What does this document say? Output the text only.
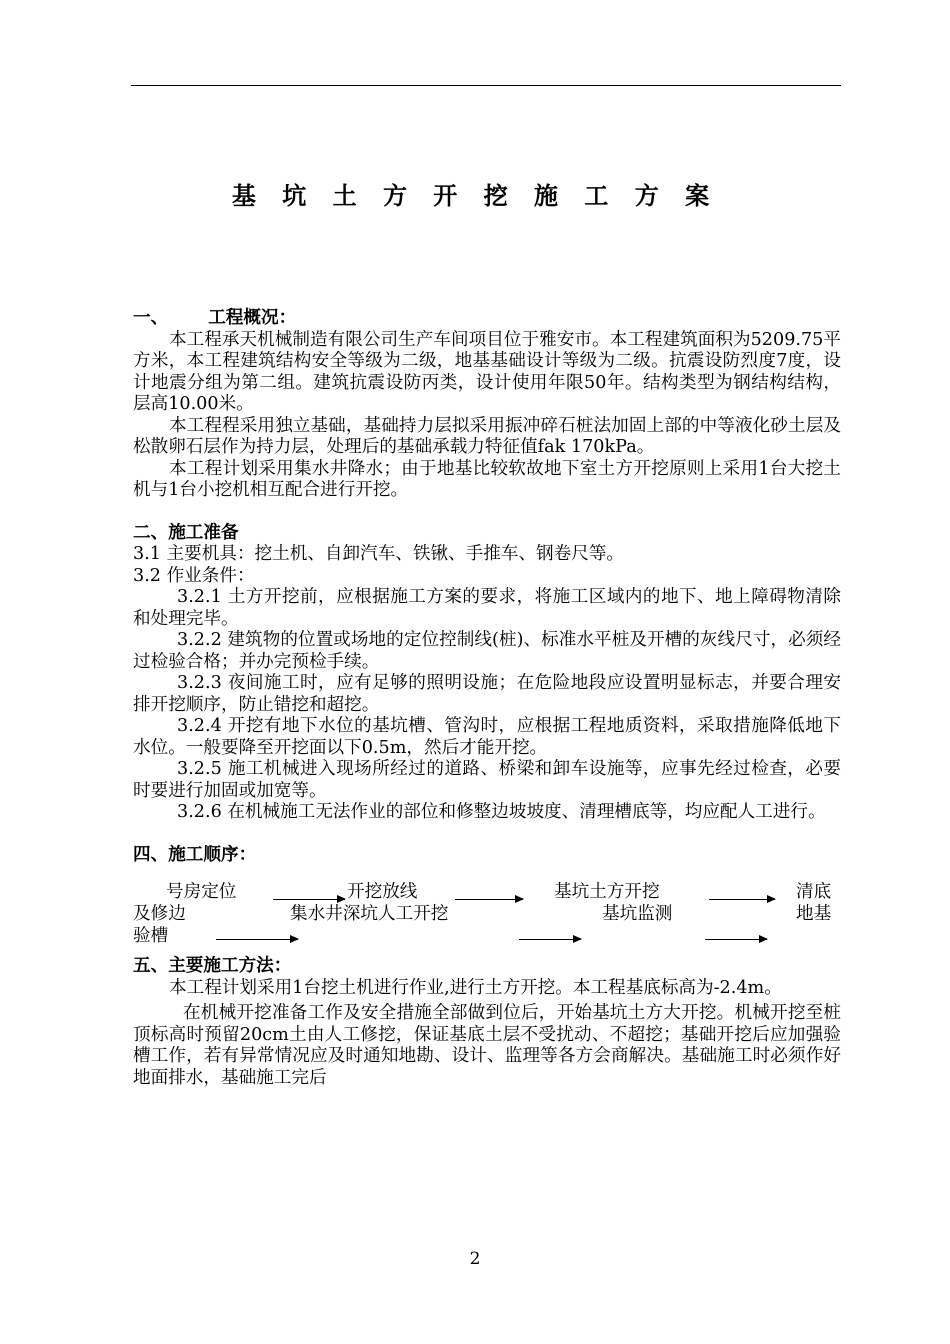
基 坑 土 方 开 挖 施 工 方 案

一、 工程概况：

本工程承天机械制造有限公司生产车间项目位于雅安市。本工程建筑面积为5209.75平方米，本工程建筑结构安全等级为二级，地基基础设计等级为二级。抗震设防烈度7度，设计地震分组为第二组。建筑抗震设防丙类，设计使用年限50年。结构类型为钢结构结构，层高10.00米。

本工程程采用独立基础，基础持力层拟采用振冲碎石桩法加固上部的中等液化砂土层及松散卵石层作为持力层，处理后的基础承载力特征值fak 170kPa。

本工程计划采用集水井降水；由于地基比较软故地下室土方开挖原则上采用1台大挖土机与1台小挖机相互配合进行开挖。

二、施工准备

3.1 主要机具：挖土机、自卸汽车、铁锹、手推车、钢卷尺等。

3.2 作业条件：

3.2.1 土方开挖前，应根据施工方案的要求，将施工区域内的地下、地上障碍物清除和处理完毕。

3.2.2 建筑物的位置或场地的定位控制线(桩)、标准水平桩及开槽的灰线尺寸，必须经过检验合格；并办完预检手续。

3.2.3 夜间施工时，应有足够的照明设施；在危险地段应设置明显标志，并要合理安排开挖顺序，防止错挖和超挖。

3.2.4 开挖有地下水位的基坑槽、管沟时，应根据工程地质资料，采取措施降低地下水位。一般要降至开挖面以下0.5m，然后才能开挖。

3.2.5 施工机械进入现场所经过的道路、桥梁和卸车设施等，应事先经过检查，必要时要进行加固或加宽等。

3.2.6 在机械施工无法作业的部位和修整边坡坡度、清理槽底等，均应配人工进行。

四、施工顺序：

号房定位
及修边
验槽
开挖放线
集水井深坑人工开挖
基坑土方开挖
基坑监测
清底
地基

五、主要施工方法：

本工程计划采用1台挖土机进行作业,进行土方开挖。本工程基底标高为-2.4m。

在机械开挖准备工作及安全措施全部做到位后，开始基坑土方大开挖。机械开挖至桩顶标高时预留20cm土由人工修挖，保证基底土层不受扰动、不超挖；基础开挖后应加强验槽工作，若有异常情况应及时通知地勘、设计、监理等各方会商解决。基础施工时必须作好地面排水，基础施工完后

2
